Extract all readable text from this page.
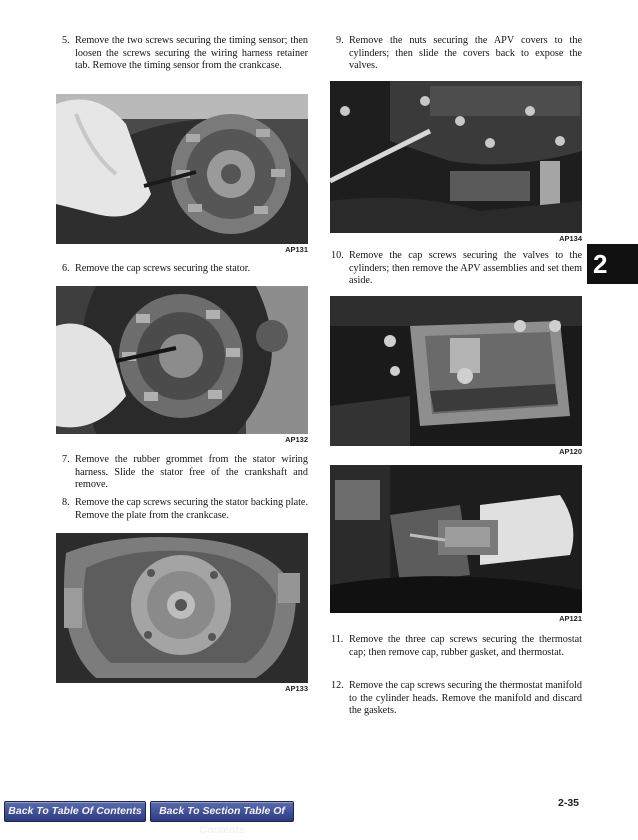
5. Remove the two screws securing the timing sensor; then loosen the screws securing the wiring harness retainer tab. Remove the timing sensor from the crankcase.
AP131
6. Remove the cap screws securing the stator.
AP132
7. Remove the rubber grommet from the stator wiring harness. Slide the stator free of the crankshaft and remove.
8. Remove the cap screws securing the stator backing plate. Remove the plate from the crankcase.
AP133
9. Remove the nuts securing the APV covers to the cylinders; then slide the covers back to expose the valves.
AP134
10. Remove the cap screws securing the valves to the cylinders; then remove the APV assemblies and set them aside.
AP120
AP121
11. Remove the three cap screws securing the thermostat cap; then remove cap, rubber gasket, and thermostat.
12. Remove the cap screws securing the thermostat manifold to the cylinder heads. Remove the manifold and discard the gaskets.
2
2-35
Back To Table Of Contents	Back To Section Table Of Contents
